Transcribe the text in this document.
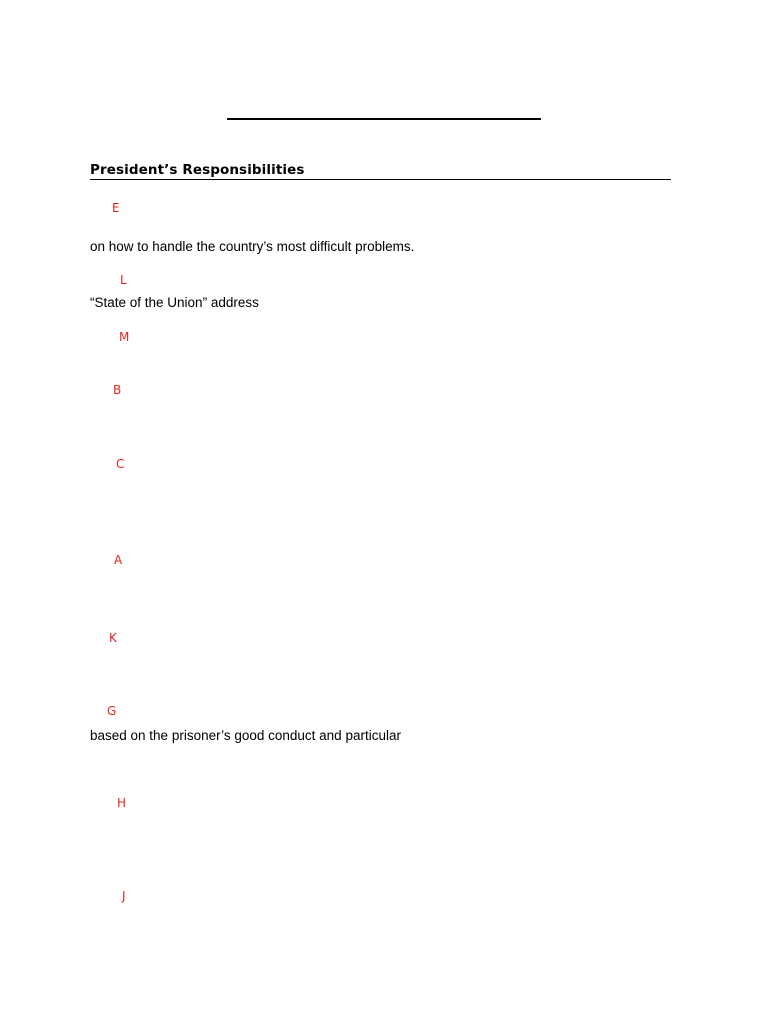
President’s Responsibilities
E
on how to handle the country’s most difficult problems.
L
“State of the Union” address
M
B
C
A
K
G
based on the prisoner’s good conduct and particular
H
J
